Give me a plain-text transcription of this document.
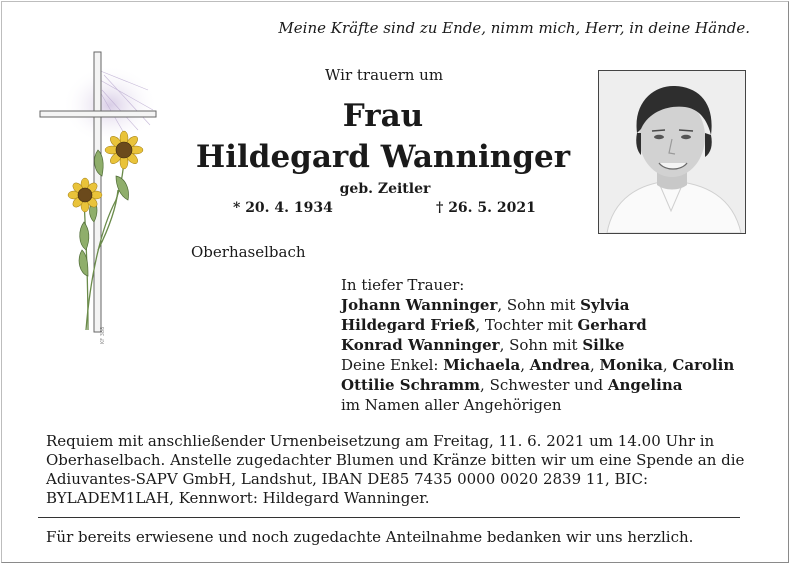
Meine Kräfte sind zu Ende, nimm mich, Herr, in deine Hände.
KF 388
Wir trauern um
Frau
Hildegard Wanninger
geb. Zeitler
* 20. 4. 1934	† 26. 5. 2021
Oberhaselbach
In tiefer Trauer:
Johann Wanninger, Sohn mit Sylvia
Hildegard Frieß, Tochter mit Gerhard
Konrad Wanninger, Sohn mit Silke
Deine Enkel: Michaela, Andrea, Monika, Carolin
Ottilie Schramm, Schwester und Angelina
im Namen aller Angehörigen
Requiem mit anschließender Urnenbeisetzung am Freitag, 11. 6. 2021 um 14.00 Uhr in Oberhaselbach. Anstelle zugedachter Blumen und Kränze bitten wir um eine Spende an die Adiuvantes-SAPV GmbH, Landshut, IBAN DE85 7435 0000 0020 2839 11, BIC: BYLADEM1LAH, Kennwort: Hildegard Wanninger.
Für bereits erwiesene und noch zugedachte Anteilnahme bedanken wir uns herzlich.
